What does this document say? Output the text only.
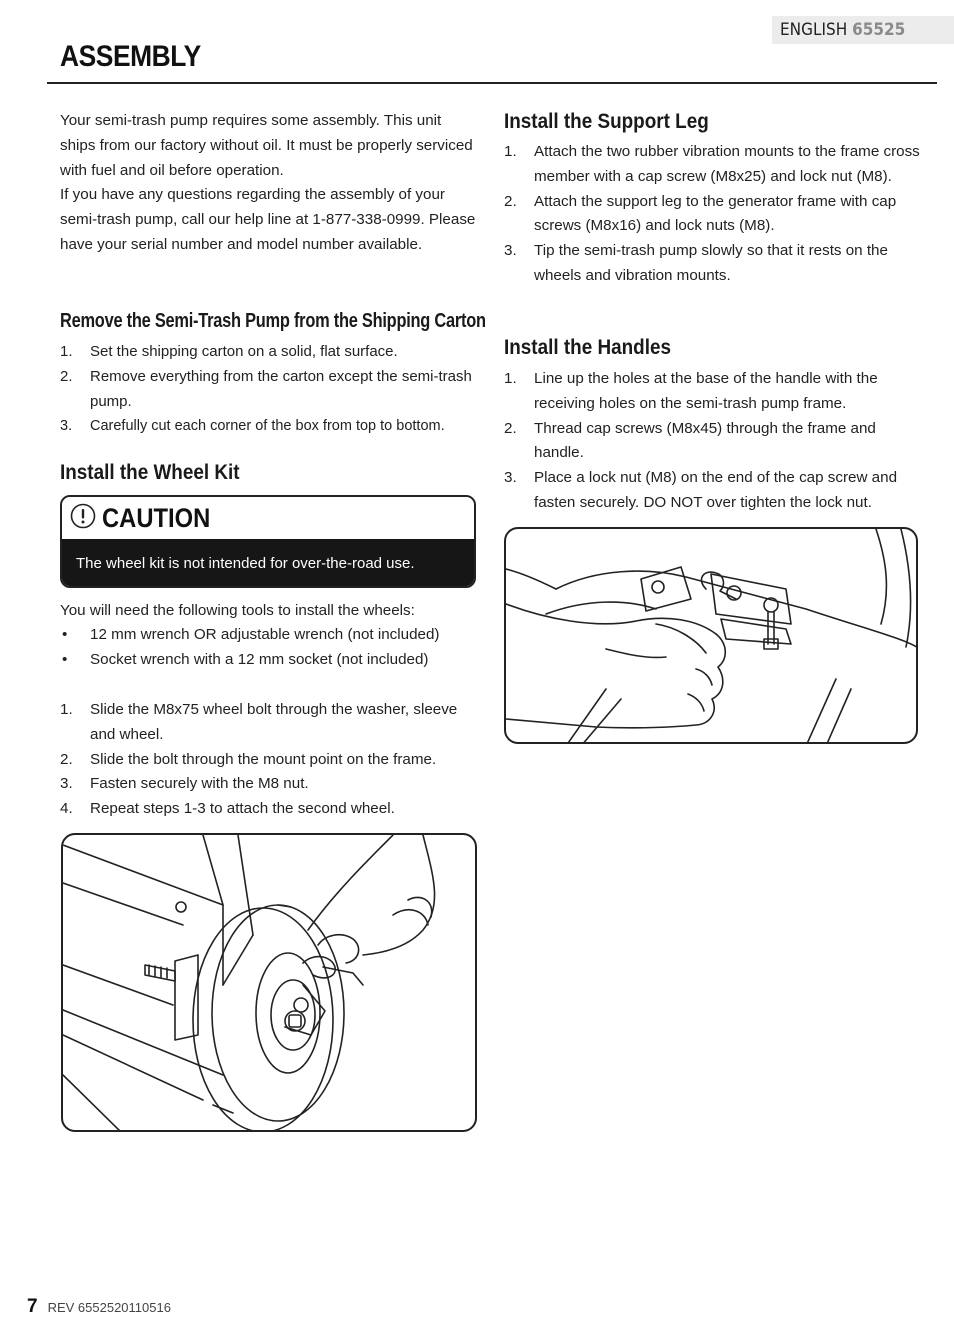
ENGLISH 65525
ASSEMBLY

Your semi-trash pump requires some assembly. This unit ships from our factory without oil. It must be properly serviced with fuel and oil before operation.

If you have any questions regarding the assembly of your semi-trash pump, call our help line at 1-877-338-0999. Please have your serial number and model number available.

Remove the Semi-Trash Pump from the Shipping Carton
1. Set the shipping carton on a solid, flat surface.
2. Remove everything from the carton except the semi-trash pump.
3. Carefully cut each corner of the box from top to bottom.
Install the Wheel Kit
CAUTION
The wheel kit is not intended for over-the-road use.
You will need the following tools to install the wheels:
• 12 mm wrench OR adjustable wrench (not included)
• Socket wrench with a 12 mm socket (not included)
1. Slide the M8x75 wheel bolt through the washer, sleeve and wheel.
2. Slide the bolt through the mount point on the frame.
3. Fasten securely with the M8 nut.
4. Repeat steps 1-3 to attach the second wheel.
Install the Support Leg
1. Attach the two rubber vibration mounts to the frame cross member with a cap screw (M8x25) and lock nut (M8).
2. Attach the support leg to the generator frame with cap screws (M8x16) and lock nuts (M8).
3. Tip the semi-trash pump slowly so that it rests on the wheels and vibration mounts.
Install the Handles
1. Line up the holes at the base of the handle with the receiving holes on the semi-trash pump frame.
2. Thread cap screws (M8x45) through the frame and handle.
3. Place a lock nut (M8) on the end of the cap screw and fasten securely. DO NOT over tighten the lock nut.
7 REV 6552520110516
